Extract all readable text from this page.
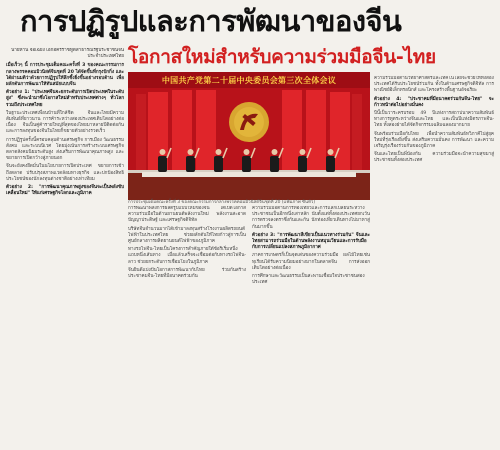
การปฏิรูปและการพัฒนาของจีน
โอกาสใหม่สำหรับความร่วมมือจีน-ไทย
นายหาน จื้อเฉียง เอกอัครราชทูตสาธารณรัฐประชาชนจีนประจำประเทศไทย

เมื่อเร็วๆ นี้ การประชุมเต็มคณะครั้งที่ 3 ของคณะกรรมการกลางพรรคคอมมิวนิสต์จีนชุดที่ 20 ได้จัดขึ้นที่กรุงปักกิ่ง และได้ผ่านมติว่าด้วยการปฏิรูปให้ลึกซึ้งยิ่งขึ้นอย่างรอบด้าน เพื่อผลักดันการพัฒนาให้ทันสมัยแบบจีน

ตัวอย่าง 1: "ประเทศจีนจะยกระดับการเปิดประเทศในระดับสูง" ซึ่งจะนำมาซึ่งโอกาสใหม่สำหรับประเทศต่างๆ ทั่วโลกรวมถึงประเทศไทย

ในฐานะประเทศเพื่อนบ้านที่ใกล้ชิด จีนและไทยมีความสัมพันธ์ที่ยาวนาน การค้าระหว่างสองประเทศเติบโตอย่างต่อเนื่อง จีนเป็นคู่ค้ารายใหญ่ที่สุดของไทยมาหลายปีติดต่อกัน และการลงทุนของจีนในไทยก็ขยายตัวอย่างรวดเร็ว

การปฏิรูปครั้งนี้ครอบคลุมด้านเศรษฐกิจ การเมือง วัฒนธรรม สังคม และระบบนิเวศ โดยมุ่งเน้นการสร้างระบบเศรษฐกิจตลาดสังคมนิยมระดับสูง ส่งเสริมการพัฒนาคุณภาพสูง และขยายการเปิดกว้างสู่ภายนอก

จีนจะยังคงยึดมั่นในนโยบายการเปิดประเทศ ขยายการเข้าถึงตลาด ปรับปรุงสภาพแวดล้อมทางธุรกิจ และปกป้องสิทธิประโยชน์ของนักลงทุนต่างชาติอย่างเท่าเทียม

ตัวอย่าง 2: "การพัฒนาคุณภาพสูงของจีนจะเป็นพลังขับเคลื่อนใหม่" ให้แก่เศรษฐกิจโลกและภูมิภาค

中国共产党第二十届中央委员会第三次全体会议
การประชุมเต็มคณะครั้งที่ 3 ของคณะกรรมการกลางพรรคคอมมิวนิสต์จีนชุดที่ 20 (แฟ้มภาพ ซินหัว)

การพัฒนาพลังการผลิตรูปแบบใหม่ของจีน ได้เปิดโอกาสความร่วมมือในด้านยานยนต์พลังงานใหม่ พลังงานสะอาด ปัญญาประดิษฐ์ และเศรษฐกิจดิจิทัล

บริษัทจีนจำนวนมากได้เข้ามาลงทุนสร้างโรงงานผลิตรถยนต์ไฟฟ้าในประเทศไทย ช่วยผลักดันให้ไทยก้าวสู่การเป็นศูนย์กลางการผลิตยานยนต์ไฟฟ้าของภูมิภาค

ทางรถไฟจีน-ไทยเป็นโครงการสำคัญภายใต้ข้อริเริ่มหนึ่งแถบหนึ่งเส้นทาง เมื่อแล้วเสร็จจะเชื่อมต่อกับทางรถไฟจีน-ลาว ช่วยยกระดับการเชื่อมโยงในภูมิภาค

จีนยินดีแบ่งปันโอกาสการพัฒนากับไทย ร่วมกันสร้างประชาคมจีน-ไทยที่มีอนาคตร่วมกัน

ความร่วมมือด้านการท่องเที่ยวและการแลกเปลี่ยนระหว่างประชาชนเป็นอีกหนึ่งเสาหลัก นับตั้งแต่ทั้งสองประเทศยกเว้นการตรวจลงตราซึ่งกันและกัน นักท่องเที่ยวเดินทางไปมาหาสู่กันมากขึ้น

ตัวอย่าง 3: "การพัฒนาสีเขียวเป็นแนวทางร่วมกัน" จีนและไทยสามารถร่วมมือในด้านพลังงานหมุนเวียนและการรับมือกับการเปลี่ยนแปลงสภาพภูมิอากาศ

ภาคการเกษตรก็เป็นจุดเด่นของความร่วมมือ ผลไม้ไทยเช่นทุเรียนได้รับความนิยมอย่างมากในตลาดจีน การส่งออกเติบโตอย่างต่อเนื่อง

การศึกษาและวัฒนธรรมเป็นสะพานเชื่อมใจประชาชนสองประเทศ

ความร่วมมือด้านวิทยาศาสตร์และเทคโนโลยีจะช่วยให้ทั้งสองประเทศได้รับประโยชน์ร่วมกัน ทั้งในด้านเศรษฐกิจดิจิทัล การพาณิชย์อิเล็กทรอนิกส์ และโครงสร้างพื้นฐานอัจฉริยะ

ตัวอย่าง 4: "ประชาคมที่มีอนาคตร่วมกันจีน-ไทย" จะก้าวหน้าต่อไปอย่างมั่นคง

ปีนี้เป็นวาระครบรอบ 49 ปีแห่งการสถาปนาความสัมพันธ์ทางการทูตระหว่างจีนและไทย และเป็นปีแห่งมิตรภาพจีน-ไทย ทั้งสองฝ่ายได้จัดกิจกรรมเฉลิมฉลองมากมาย

จีนพร้อมร่วมมือกับไทย เพื่อนำความสัมพันธ์ทวิภาคีไปสู่ยุคใหม่ที่รุ่งเรืองยิ่งขึ้น ส่งเสริมความมั่นคง การพัฒนา และความเจริญรุ่งเรืองร่วมกันของภูมิภาค

จีนและไทยเป็นพี่น้องกัน ความร่วมมือจะนำความสุขมาสู่ประชาชนทั้งสองประเทศ
